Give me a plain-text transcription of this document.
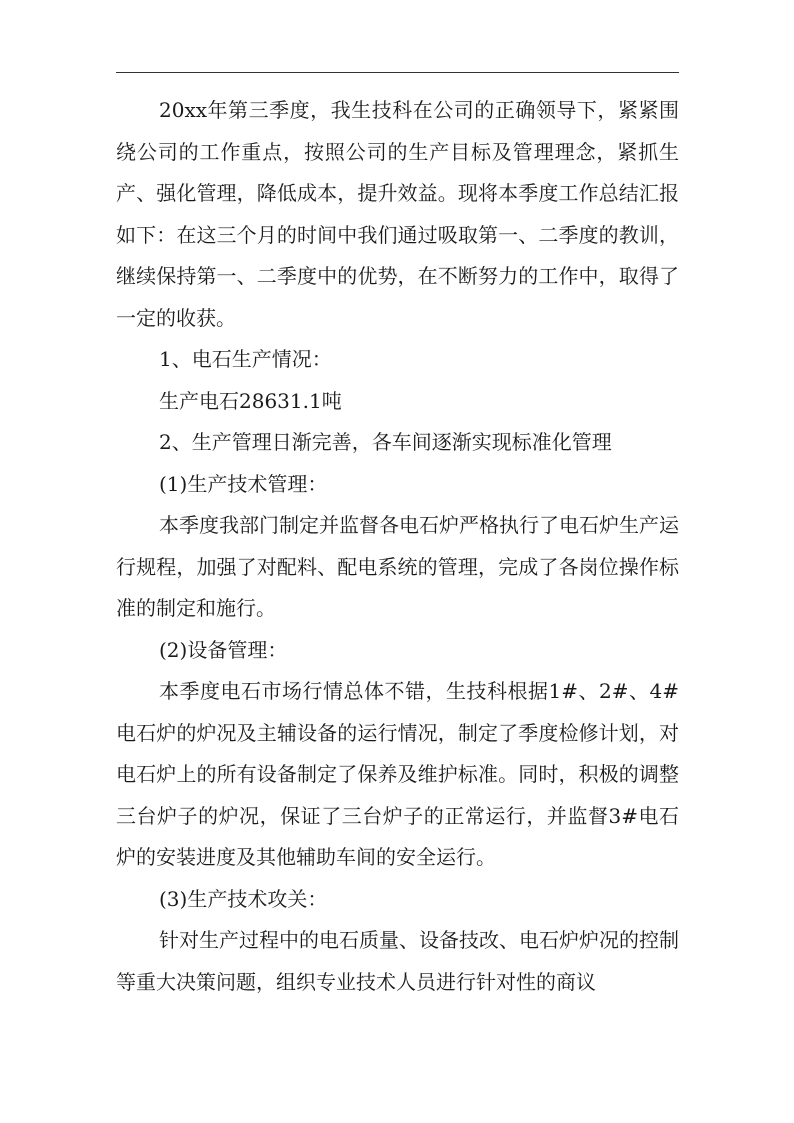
20xx年第三季度，我生技科在公司的正确领导下，紧紧围绕公司的工作重点，按照公司的生产目标及管理理念，紧抓生产、强化管理，降低成本，提升效益。现将本季度工作总结汇报如下：在这三个月的时间中我们通过吸取第一、二季度的教训，继续保持第一、二季度中的优势，在不断努力的工作中，取得了一定的收获。

1、电石生产情况：

生产电石28631.1吨

2、生产管理日渐完善，各车间逐渐实现标准化管理

(1)生产技术管理：

本季度我部门制定并监督各电石炉严格执行了电石炉生产运行规程，加强了对配料、配电系统的管理，完成了各岗位操作标准的制定和施行。

(2)设备管理：

本季度电石市场行情总体不错，生技科根据1#、2#、4#电石炉的炉况及主辅设备的运行情况，制定了季度检修计划，对电石炉上的所有设备制定了保养及维护标准。同时，积极的调整三台炉子的炉况，保证了三台炉子的正常运行，并监督3#电石炉的安装进度及其他辅助车间的安全运行。

(3)生产技术攻关：

针对生产过程中的电石质量、设备技改、电石炉炉况的控制等重大决策问题，组织专业技术人员进行针对性的商议
